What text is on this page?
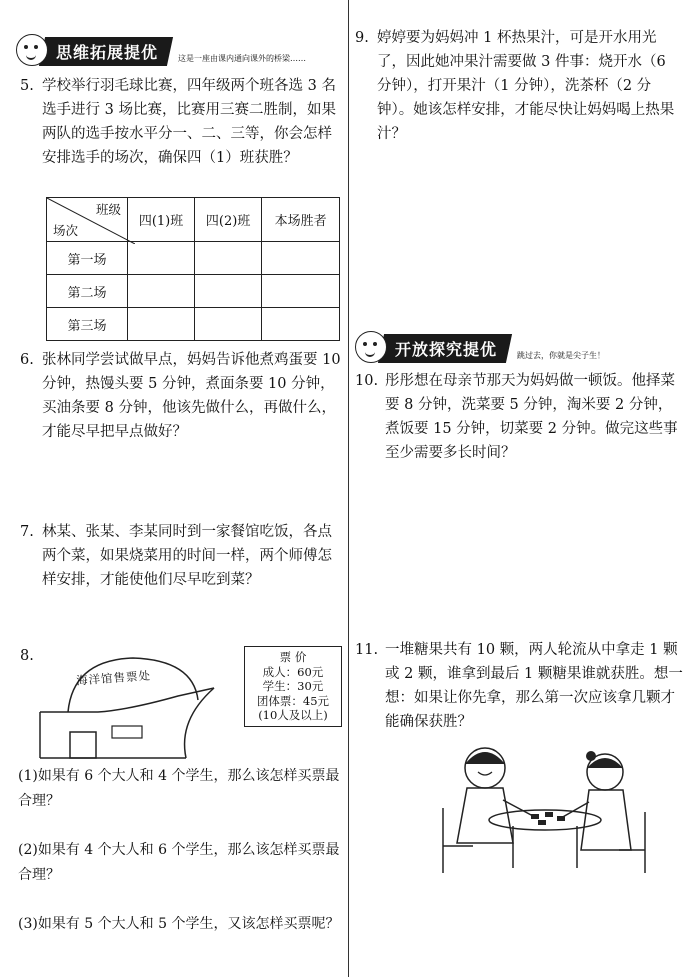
思维拓展提优	这是一座由课内通向课外的桥梁……
5. 学校举行羽毛球比赛，四年级两个班各选 3 名选手进行 3 场比赛，比赛用三赛二胜制，如果两队的选手按水平分一、二、三等，你会怎样安排选手的场次，确保四（1）班获胜？
班级
场次	四(1)班	四(2)班	本场胜者
第一场			
第二场			
第三场			
6. 张林同学尝试做早点，妈妈告诉他煮鸡蛋要 10 分钟，热馒头要 5 分钟，煮面条要 10 分钟，买油条要 8 分钟，他该先做什么，再做什么，才能尽早把早点做好？
7. 林某、张某、李某同时到一家餐馆吃饭，各点两个菜，如果烧菜用的时间一样，两个师傅怎样安排，才能使他们尽早吃到菜？
8.
海洋馆售票处
票 价
成人：60元
学生：30元
团体票：45元
(10人及以上)
(1)如果有 6 个大人和 4 个学生，那么该怎样买票最合理？
(2)如果有 4 个大人和 6 个学生，那么该怎样买票最合理？
(3)如果有 5 个大人和 5 个学生，又该怎样买票呢？
9. 婷婷要为妈妈冲 1 杯热果汁，可是开水用光了，因此她冲果汁需要做 3 件事：烧开水（6 分钟），打开果汁（1 分钟），洗茶杯（2 分钟）。她该怎样安排，才能尽快让妈妈喝上热果汁？
开放探究提优	跳过去，你就是尖子生！
10. 彤彤想在母亲节那天为妈妈做一顿饭。他择菜要 8 分钟，洗菜要 5 分钟，淘米要 2 分钟，煮饭要 15 分钟，切菜要 2 分钟。做完这些事至少需要多长时间？
11. 一堆糖果共有 10 颗，两人轮流从中拿走 1 颗或 2 颗，谁拿到最后 1 颗糖果谁就获胜。想一想：如果让你先拿，那么第一次应该拿几颗才能确保获胜？
